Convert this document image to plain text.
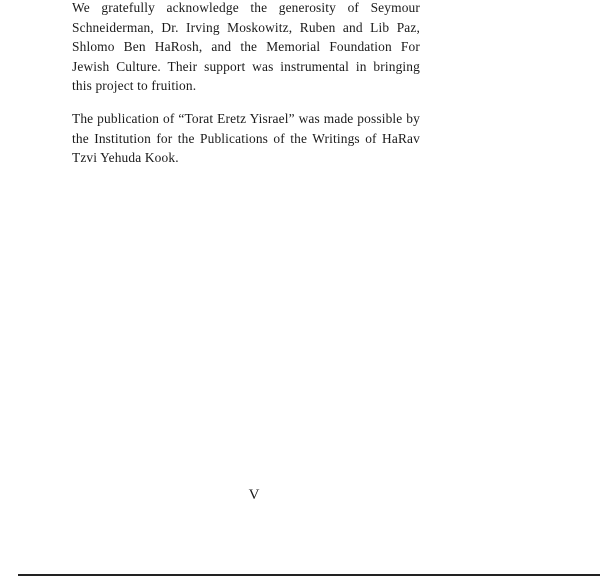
We gratefully acknowledge the generosity of Seymour Schneiderman, Dr. Irving Moskowitz, Ruben and Lib Paz, Shlomo Ben HaRosh, and the Memorial Foundation For Jewish Culture. Their support was instrumental in bringing this project to fruition.

The publication of “Torat Eretz Yisrael” was made possible by the Institution for the Publications of the Writings of HaRav Tzvi Yehuda Kook.

V
